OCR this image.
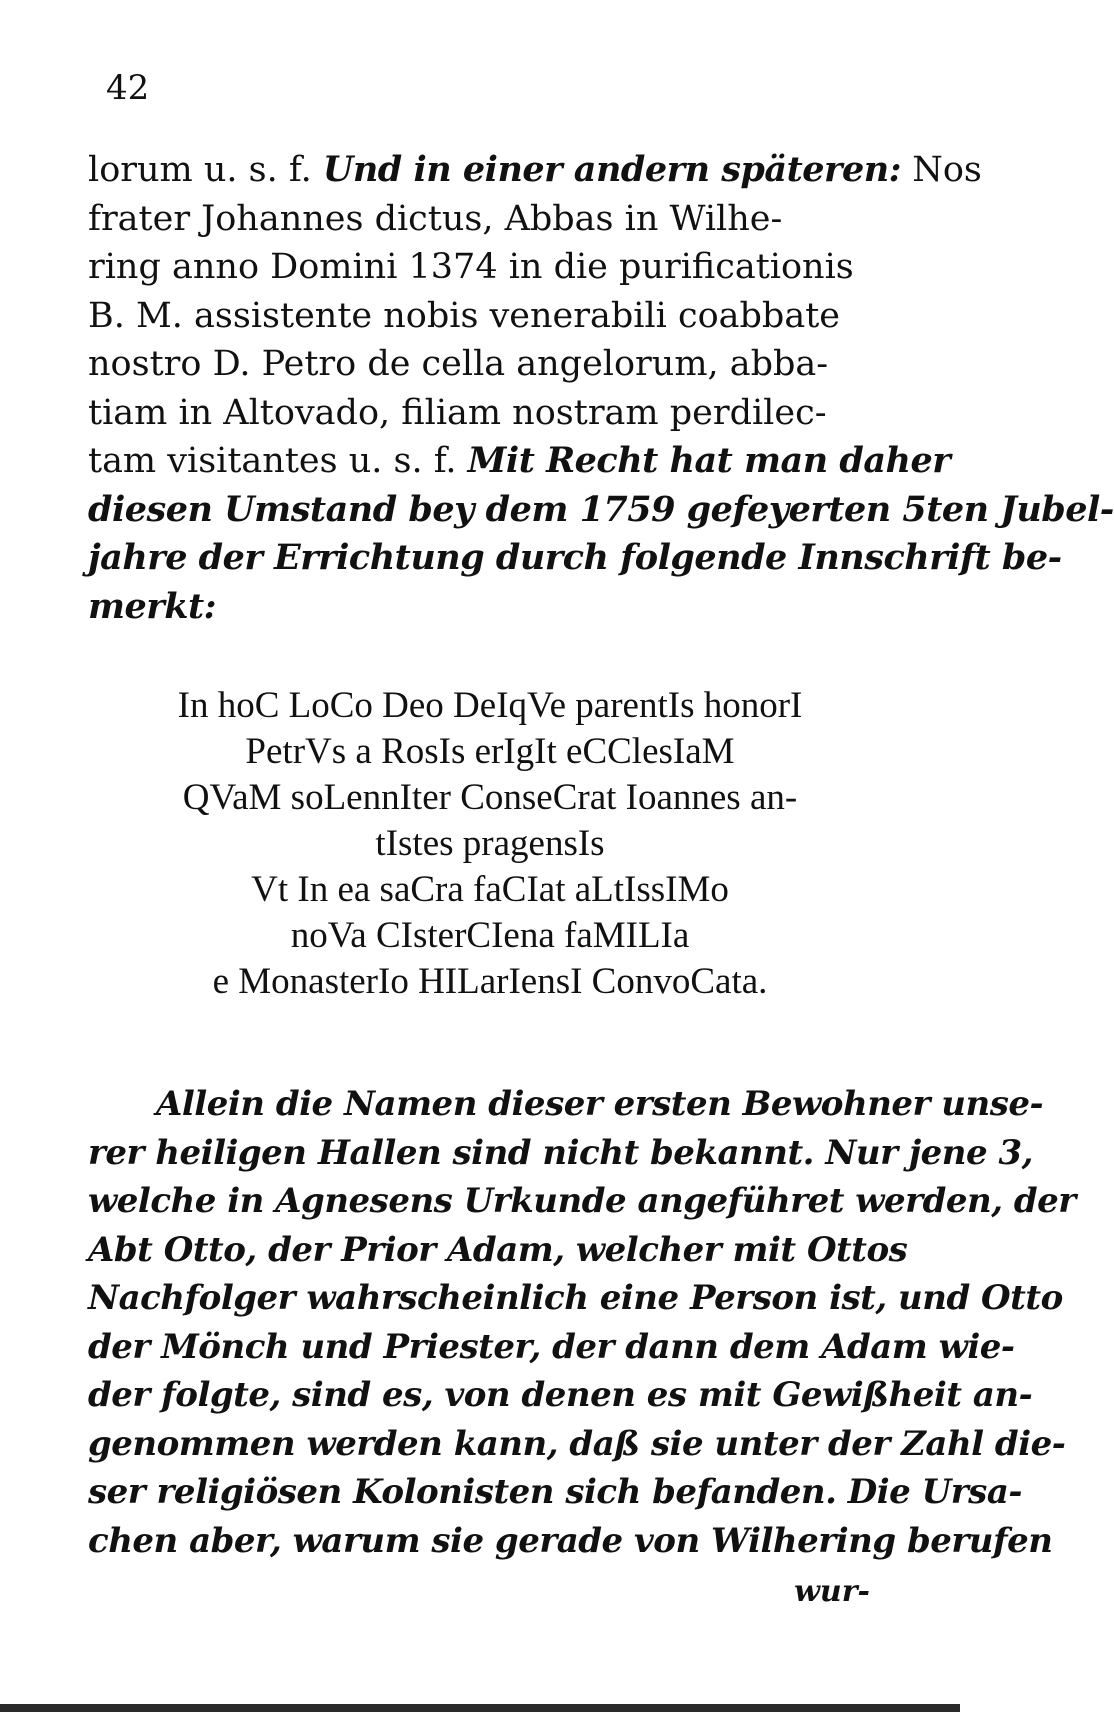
42
lorum u. s. f. Und in einer andern späteren: Nos
frater Johannes dictus, Abbas in Wilhe-
ring anno Domini 1374 in die purificationis
B. M. assistente nobis venerabili coabbate
nostro D. Petro de cella angelorum, abba-
tiam in Altovado, filiam nostram perdilec-
tam visitantes u. s. f. Mit Recht hat man daher
diesen Umstand bey dem 1759 gefeyerten 5ten Jubel-
jahre der Errichtung durch folgende Innschrift be-
merkt:
In hoC LoCo Deo DeIqVe parentIs honorI
PetrVs a RosIs erIgIt eCClesIaM
QVaM soLennIter ConseCrat Ioannes an-
tIstes pragensIs
Vt In ea saCra faCIat aLtIssIMo
noVa CIsterCIena faMILIa
e MonasterIo HILarIensI ConvoCata.
Allein die Namen dieser ersten Bewohner unse-
rer heiligen Hallen sind nicht bekannt. Nur jene 3,
welche in Agnesens Urkunde angeführet werden, der
Abt Otto, der Prior Adam, welcher mit Ottos
Nachfolger wahrscheinlich eine Person ist, und Otto
der Mönch und Priester, der dann dem Adam wie-
der folgte, sind es, von denen es mit Gewißheit an-
genommen werden kann, daß sie unter der Zahl die-
ser religiösen Kolonisten sich befanden. Die Ursa-
chen aber, warum sie gerade von Wilhering berufen
wur-
